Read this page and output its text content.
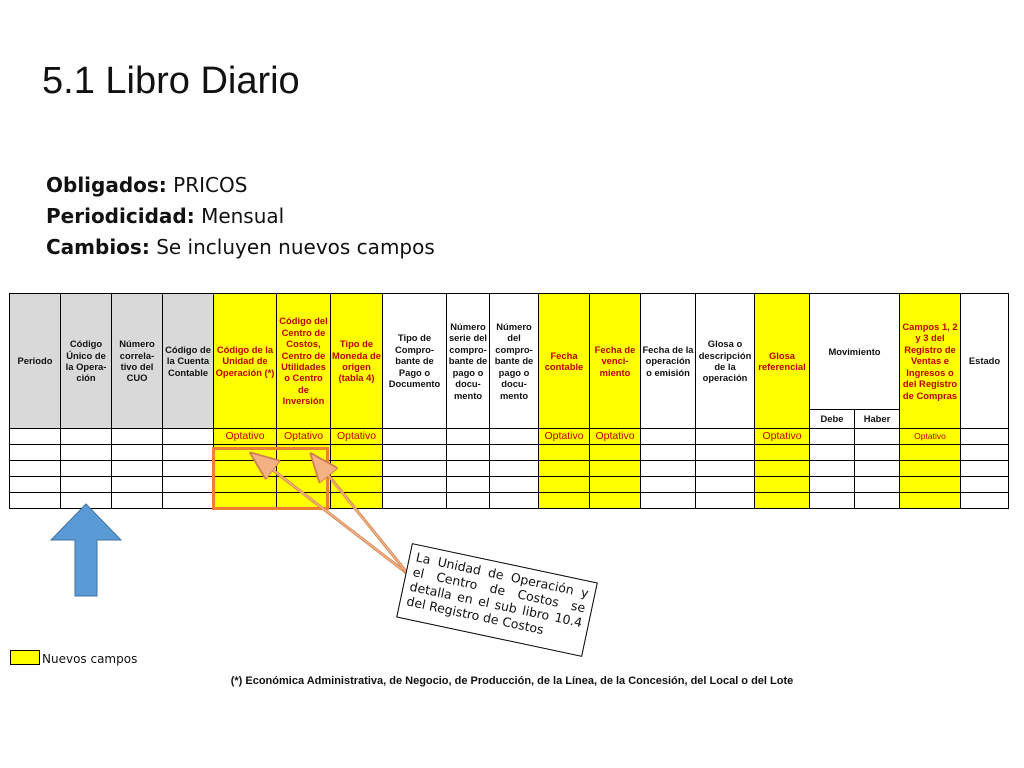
5.1 Libro Diario
Obligados: PRICOS
Periodicidad: Mensual
Cambios: Se incluyen nuevos campos
Periodo	Código Único de la Opera-ción	Número correla-tivo del CUO	Código de la Cuenta Contable	Código de la Unidad de Operación (*)	Código del Centro de Costos, Centro de Utilidades o Centro de Inversión	Tipo de Moneda de origen (tabla 4)	Tipo de Compro-bante de Pago o Documento	Número serie del compro-bante de pago o docu-mento	Número del compro-bante de pago o docu-mento	Fecha contable	Fecha de venci-miento	Fecha de la operación o emisión	Glosa o descripción de la operación	Glosa referencial	Movimiento		Campos 1, 2 y 3 del Registro de Ventas e Ingresos o del Registro de Compras	Estado
															Debe	Haber		
				Optativo	Optativo	Optativo				Optativo	Optativo			Optativo			Optativo	

La Unidad de Operación y el Centro de Costos se detalla en el sub libro 10.4 del Registro de Costos
Nuevos campos
(*) Económica Administrativa, de Negocio, de Producción, de la Línea, de la Concesión, del Local o del Lote
